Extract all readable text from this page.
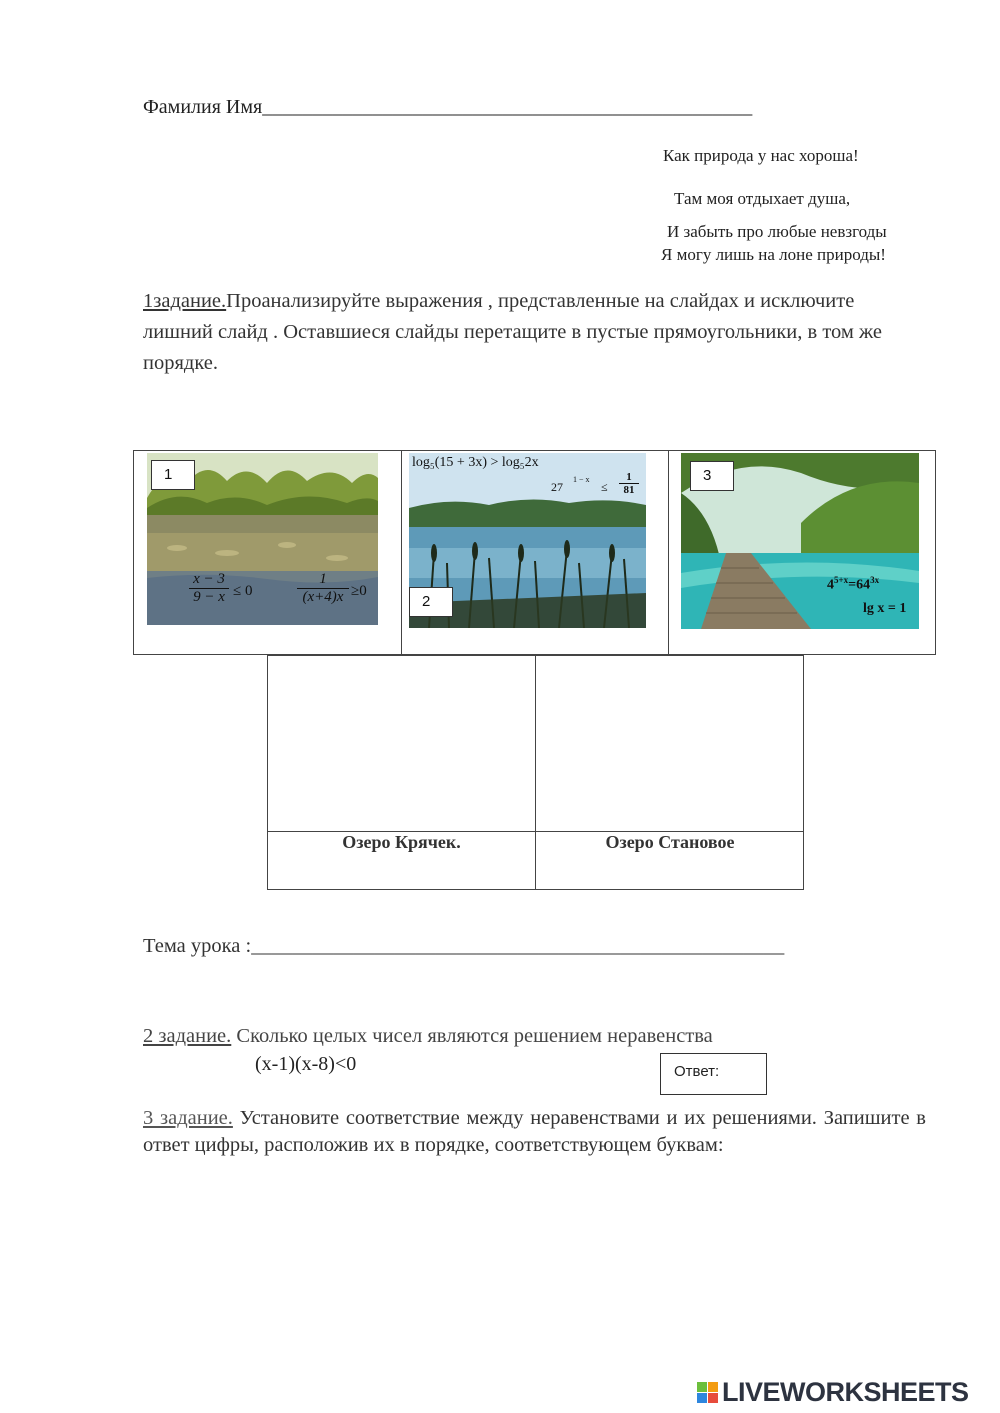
Фамилия Имя_________________________________________________
Как природа у нас хороша!
Там моя отдыхает душа,
И забыть про любые невзгоды
Я могу лишь на лоне природы!
1задание.Проанализируйте выражения , представленные на слайдах и исключите лишний слайд . Оставшиеся слайды перетащите в пустые прямоугольники, в том же порядке.
$\frac{x - 3}{9 - x} \le 0$	$\frac{1}{(x+4)x} \ge 0$
1
log₅(15 + 3x) > log₅2x
27
1 − x
≤ $\frac{1}{81}$
2
$4^{5+x}=64^{3x}$
lg x = 1
3
Озеро Крячек.	Озеро Становое
Тема урока :____________________________________________________
2 задание. Сколько целых чисел являются решением неравенства
(x-1)(x-8)<0	Ответ:
3 задание. Установите соответствие между неравенствами и их решениями. Запишите в ответ цифры, расположив их в порядке, соответствующем буквам:
LIVEWORKSHEETS
